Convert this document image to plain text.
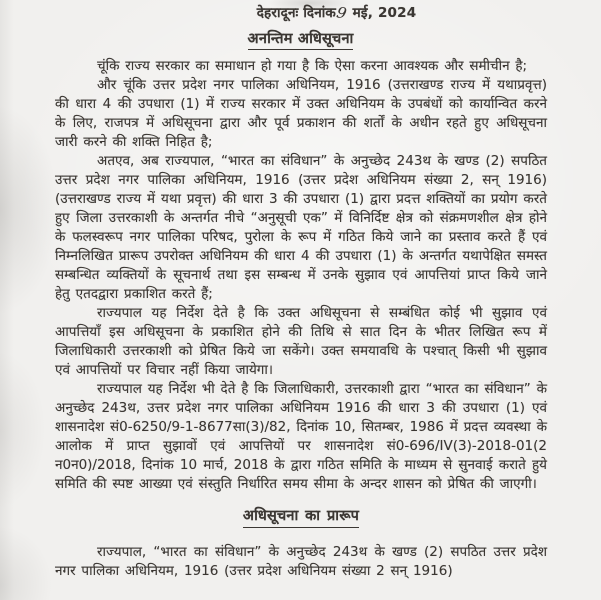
देहरादूनः दिनांक9 मई, 2024
अनन्तिम अधिसूचना

चूंकि राज्य सरकार का समाधान हो गया है कि ऐसा करना आवश्यक और समीचीन है;

और चूंकि उत्तर प्रदेश नगर पालिका अधिनियम, 1916 (उत्तराखण्ड राज्य में यथाप्रवृत्त) की धारा 4 की उपधारा (1) में राज्य सरकार में उक्त अधिनियम के उपबंधों को कार्यान्वित करने के लिए, राजपत्र में अधिसूचना द्वारा और पूर्व प्रकाशन की शर्तों के अधीन रहते हुए अधिसूचना जारी करने की शक्ति निहित है;

अतएव, अब राज्यपाल, “भारत का संविधान” के अनुच्छेद 243थ के खण्ड (2) सपठित उत्तर प्रदेश नगर पालिका अधिनियम, 1916 (उत्तर प्रदेश अधिनियम संख्या 2, सन् 1916) (उत्तराखण्ड राज्य में यथा प्रवृत्त) की धारा 3 की उपधारा (1) द्वारा प्रदत्त शक्तियों का प्रयोग करते हुए जिला उत्तरकाशी के अन्तर्गत नीचे “अनुसूची एक” में विनिर्दिष्ट क्षेत्र को संक्रमणशील क्षेत्र होने के फलस्वरूप नगर पालिका परिषद, पुरोला के रूप में गठित किये जाने का प्रस्ताव करते हैं एवं निम्नलिखित प्रारूप उपरोक्त अधिनियम की धारा 4 की उपधारा (1) के अन्तर्गत यथापेक्षित समस्त सम्बन्धित व्यक्तियों के सूचनार्थ तथा इस सम्बन्ध में उनके सुझाव एवं आपत्तियां प्राप्त किये जाने हेतु एतदद्वारा प्रकाशित करते हैं;

राज्यपाल यह निर्देश देते है कि उक्त अधिसूचना से सम्बंधित कोई भी सुझाव एवं आपत्तियाँ इस अधिसूचना के प्रकाशित होने की तिथि से सात दिन के भीतर लिखित रूप में जिलाधिकारी उत्तरकाशी को प्रेषित किये जा सकेंगे। उक्त समयावधि के पश्चात् किसी भी सुझाव एवं आपत्तियों पर विचार नहीं किया जायेगा।

राज्यपाल यह निर्देश भी देते है कि जिलाधिकारी, उत्तरकाशी द्वारा “भारत का संविधान” के अनुच्छेद 243थ, उत्तर प्रदेश नगर पालिका अधिनियम 1916 की धारा 3 की उपधारा (1) एवं शासनादेश सं0-6250/9-1-8677सा(3)/82, दिनांक 10, सितम्बर, 1986 में प्रदत्त व्यवस्था के आलोक में प्राप्त सुझावों एवं आपत्तियों पर शासनादेश सं0-696/IV(3)-2018-01(2 न0न0)/2018, दिनांक 10 मार्च, 2018 के द्वारा गठित समिति के माध्यम से सुनवाई कराते हुये समिति की स्पष्ट आख्या एवं संस्तुति निर्धारित समय सीमा के अन्दर शासन को प्रेषित की जाएगी।

अधिसूचना का प्रारूप

राज्यपाल, “भारत का संविधान” के अनुच्छेद 243थ के खण्ड (2) सपठित उत्तर प्रदेश नगर पालिका अधिनियम, 1916 (उत्तर प्रदेश अधिनियम संख्या 2 सन् 1916)
